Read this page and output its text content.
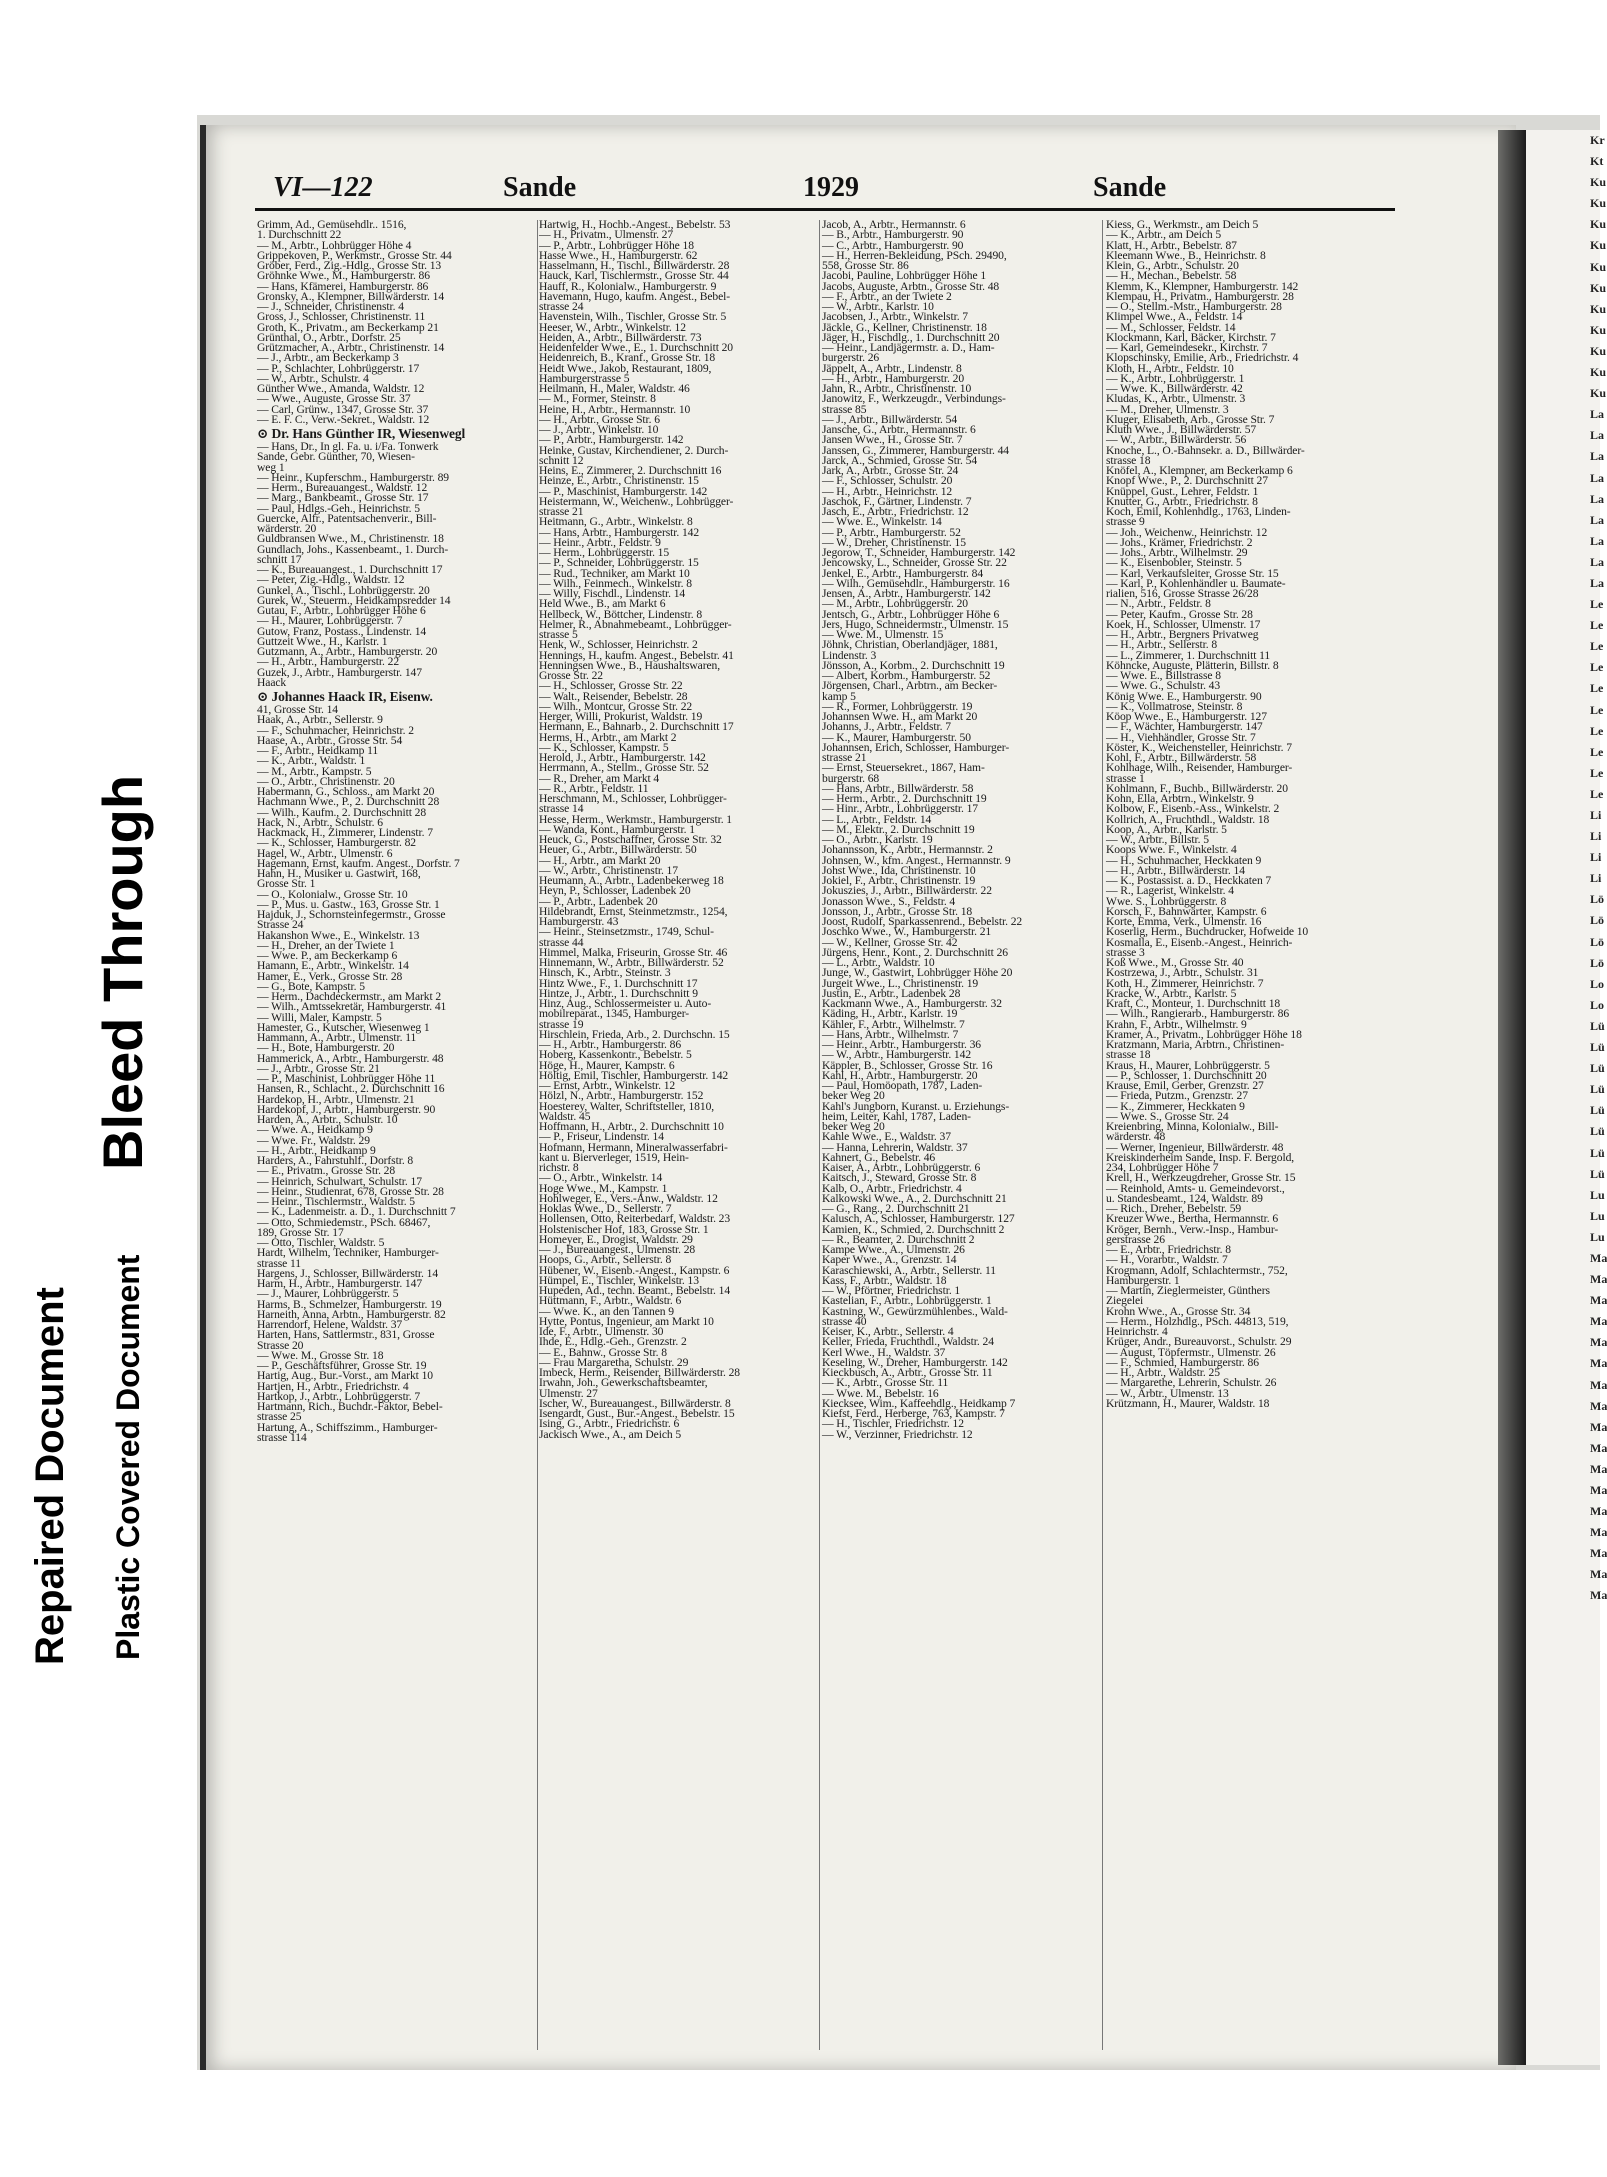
Repaired Document Plastic Covered Document
Bleed Through
Kr
Kt
Ku
Ku
Ku
Ku
Ku
Ku
Ku
Ku
Ku
Ku
Ku
La
La
La
La
La
La
La
La
La
Le
Le
Le
Le
Le
Le
Le
Le
Le
Le
Li
Li
Li
Li
Lö
Lö
Lö
Lö
Lo
Lo
Lü
Lü
Lü
Lü
Lü
Lü
Lü
Lü
Lu
Lu
Lu
Ma
Ma
Ma
Ma
Ma
Ma
Ma
Ma
Ma
Ma
Ma
Ma
Ma
Ma
Ma
Ma
Ma
VI—122	Sande	1929	Sande
Grimm, Ad., Gemüsehdlr.. 1516,
1. Durchschnitt 22
— M., Arbtr., Lohbrügger Höhe 4
Grippekoven, P., Werkmstr., Grosse Str. 44
Gröber, Ferd., Zig.-Hdlg., Grosse Str. 13
Gröhnke Wwe., M., Hamburgerstr. 86
— Hans, Kfämerei, Hamburgerstr. 86
Gronsky, A., Klempner, Billwärderstr. 14
— J., Schneider, Christinenstr. 4
Gross, J., Schlosser, Christinenstr. 11
Groth, K., Privatm., am Beckerkamp 21
Grünthal, O., Arbtr., Dorfstr. 25
Grützmacher, A., Arbtr., Christinenstr. 14
— J., Arbtr., am Beckerkamp 3
— P., Schlachter, Lohbrüggerstr. 17
— W., Arbtr., Schulstr. 4
Günther Wwe., Amanda, Waldstr. 12
— Wwe., Auguste, Grosse Str. 37
— Carl, Grünw., 1347, Grosse Str. 37
— E. F. C., Verw.-Sekret., Waldstr. 12
⊙ Dr. Hans Günther IR, Wiesenwegl
— Hans, Dr., In gl. Fa. u. i/Fa. Tonwerk
Sande, Gebr. Günther, 70, Wiesen-
weg 1
— Heinr., Kupferschm., Hamburgerstr. 89
— Herm., Bureauangest., Waldstr. 12
— Marg., Bankbeamt., Grosse Str. 17
— Paul, Hdlgs.-Geh., Heinrichstr. 5
Guercke, Alfr., Patentsachenverir., Bill-
wärderstr. 20
Guldbransen Wwe., M., Christinenstr. 18
Gundlach, Johs., Kassenbeamt., 1. Durch-
schnitt 17
— K., Bureauangest., 1. Durchschnitt 17
— Peter, Zig.-Hdlg., Waldstr. 12
Gunkel, A., Tischl., Lohbrüggerstr. 20
Gurek, W., Steuerm., Heidkampsredder 14
Gutau, F., Arbtr., Lohbrügger Höhe 6
— H., Maurer, Lohbrüggerstr. 7
Gutow, Franz, Postass., Lindenstr. 14
Guttzeit Wwe., H., Karlstr. 1
Gutzmann, A., Arbtr., Hamburgerstr. 20
— H., Arbtr., Hamburgerstr. 22
Guzek, J., Arbtr., Hamburgerstr. 147
Haack
⊙ Johannes Haack IR, Eisenw.
41, Grosse Str. 14
Haak, A., Arbtr., Sellerstr. 9
— F., Schuhmacher, Heinrichstr. 2
Haase, A., Arbtr., Grosse Str. 54
— F., Arbtr., Heidkamp 11
— K., Arbtr., Waldstr. 1
— M., Arbtr., Kampstr. 5
— O., Arbtr., Christinenstr. 20
Habermann, G., Schloss., am Markt 20
Hachmann Wwe., P., 2. Durchschnitt 28
— Wilh., Kaufm., 2. Durchschnitt 28
Hack, N., Arbtr., Schulstr. 6
Hackmack, H., Zimmerer, Lindenstr. 7
— K., Schlosser, Hamburgerstr. 82
Hagel, W., Arbtr., Ulmenstr. 6
Hagemann, Ernst, kaufm. Angest., Dorfstr. 7
Hahn, H., Musiker u. Gastwirt, 168,
Grosse Str. 1
— O., Kolonialw., Grosse Str. 10
— P., Mus. u. Gastw., 163, Grosse Str. 1
Hajduk, J., Schornsteinfegermstr., Grosse
Strasse 24
Hakanshon Wwe., E., Winkelstr. 13
— H., Dreher, an der Twiete 1
— Wwe. P., am Beckerkamp 6
Hamann, E., Arbtr., Winkelstr. 14
Hamer, E., Verk., Grosse Str. 28
— G., Bote, Kampstr. 5
— Herm., Dachdeckermstr., am Markt 2
— Wilh., Amtssekretär, Hamburgerstr. 41
— Willi, Maler, Kampstr. 5
Hamester, G., Kutscher, Wiesenweg 1
Hammann, A., Arbtr., Ulmenstr. 11
— H., Bote, Hamburgerstr. 20
Hammerick, A., Arbtr., Hamburgerstr. 48
— J., Arbtr., Grosse Str. 21
— P., Maschinist, Lohbrügger Höhe 11
Hansen, R., Schlacht., 2. Durchschnitt 16
Hardekop, H., Arbtr., Ulmenstr. 21
Hardekopf, J., Arbtr., Hamburgerstr. 90
Harden, A., Arbtr., Schulstr. 10
— Wwe. A., Heidkamp 9
— Wwe. Fr., Waldstr. 29
— H., Arbtr., Heidkamp 9
Harders, A., Fahrstuhlf., Dorfstr. 8
— E., Privatm., Grosse Str. 28
— Heinrich, Schulwart, Schulstr. 17
— Heinr., Studienrat, 678, Grosse Str. 28
— Heinr., Tischlermstr., Waldstr. 5
— K., Ladenmeistr. a. D., 1. Durchschnitt 7
— Otto, Schmiedemstr., PSch. 68467,
189, Grosse Str. 17
— Otto, Tischler, Waldstr. 5
Hardt, Wilhelm, Techniker, Hamburger-
strasse 11
Hargens, J., Schlosser, Billwärderstr. 14
Harm, H., Arbtr., Hamburgerstr. 147
— J., Maurer, Lohbrüggerstr. 5
Harms, B., Schmelzer, Hamburgerstr. 19
Harneith, Anna, Arbtn., Hamburgerstr. 82
Harrendorf, Helene, Waldstr. 37
Harten, Hans, Sattlermstr., 831, Grosse
Strasse 20
— Wwe. M., Grosse Str. 18
— P., Geschäftsführer, Grosse Str. 19
Hartig, Aug., Bur.-Vorst., am Markt 10
Hartjen, H., Arbtr., Friedrichstr. 4
Hartkop, J., Arbtr., Lohbrüggerstr. 7
Hartmann, Rich., Buchdr.-Faktor, Bebel-
strasse 25
Hartung, A., Schiffszimm., Hamburger-
strasse 114
Hartwig, H., Hochb.-Angest., Bebelstr. 53
— H., Privatm., Ulmenstr. 27
— P., Arbtr., Lohbrügger Höhe 18
Hasse Wwe., H., Hamburgerstr. 62
Hasselmann, H., Tischl., Billwärderstr. 28
Hauck, Karl, Tischlermstr., Grosse Str. 44
Hauff, R., Kolonialw., Hamburgerstr. 9
Havemann, Hugo, kaufm. Angest., Bebel-
strasse 24
Havenstein, Wilh., Tischler, Grosse Str. 5
Heeser, W., Arbtr., Winkelstr. 12
Heiden, A., Arbtr., Billwärderstr. 73
Heidenfelder Wwe., E., 1. Durchschnitt 20
Heidenreich, B., Kranf., Grosse Str. 18
Heidt Wwe., Jakob, Restaurant, 1809,
Hamburgerstrasse 5
Heilmann, H., Maler, Waldstr. 46
— M., Former, Steinstr. 8
Heine, H., Arbtr., Hermannstr. 10
— H., Arbtr., Grosse Str. 6
— J., Arbtr., Winkelstr. 10
— P., Arbtr., Hamburgerstr. 142
Heinke, Gustav, Kirchendiener, 2. Durch-
schnitt 12
Heins, E., Zimmerer, 2. Durchschnitt 16
Heinze, E., Arbtr., Christinenstr. 15
— P., Maschinist, Hamburgerstr. 142
Heistermann, W., Weichenw., Lohbrügger-
strasse 21
Heitmann, G., Arbtr., Winkelstr. 8
— Hans, Arbtr., Hamburgerstr. 142
— Heinr., Arbtr., Feldstr. 9
— Herm., Lohbrüggerstr. 15
— P., Schneider, Lohbrüggerstr. 15
— Rud., Techniker, am Markt 10
— Wilh., Feinmech., Winkelstr. 8
— Willy, Fischdl., Lindenstr. 14
Held Wwe., B., am Markt 6
Hellbeck, W., Böttcher, Lindenstr. 8
Helmer, R., Abnahmebeamt., Lohbrügger-
strasse 5
Henk, W., Schlosser, Heinrichstr. 2
Hennings, H., kaufm. Angest., Bebelstr. 41
Henningsen Wwe., B., Haushaltswaren,
Grosse Str. 22
— H., Schlosser, Grosse Str. 22
— Walt., Reisender, Bebelstr. 28
— Wilh., Montcur, Grosse Str. 22
Herger, Willi, Prokurist, Waldstr. 19
Hermann, E., Bahnarb., 2. Durchschnitt 17
Herms, H., Arbtr., am Markt 2
— K., Schlosser, Kampstr. 5
Herold, J., Arbtr., Hamburgerstr. 142
Herrmann, A., Stellm., Grosse Str. 52
— R., Dreher, am Markt 4
— R., Arbtr., Feldstr. 11
Herschmann, M., Schlosser, Lohbrügger-
strasse 14
Hesse, Herm., Werkmstr., Hamburgerstr. 1
— Wanda, Kont., Hamburgerstr. 1
Heuck, G., Postschaffner, Grosse Str. 32
Heuer, G., Arbtr., Billwärderstr. 50
— H., Arbtr., am Markt 20
— W., Arbtr., Christinenstr. 17
Heumann, A., Arbtr., Ladenbekerweg 18
Heyn, P., Schlosser, Ladenbek 20
— P., Arbtr., Ladenbek 20
Hildebrandt, Ernst, Steinmetzmstr., 1254,
Hamburgerstr. 43
— Heinr., Steinsetzmstr., 1749, Schul-
strasse 44
Himmel, Malka, Friseurin, Grosse Str. 46
Hinnemann, W., Arbtr., Billwärderstr. 52
Hinsch, K., Arbtr., Steinstr. 3
Hintz Wwe., F., 1. Durchschnitt 17
Hintze, J., Arbtr., 1. Durchschnitt 9
Hinz, Aug., Schlossermeister u. Auto-
mobilreparat., 1345, Hamburger-
strasse 19
Hirschlein, Frieda, Arb., 2. Durchschn. 15
— H., Arbtr., Hamburgerstr. 86
Hoberg, Kassenkontr., Bebelstr. 5
Höge, H., Maurer, Kampstr. 6
Höltig, Emil, Tischler, Hamburgerstr. 142
— Ernst, Arbtr., Winkelstr. 12
Hölzl, N., Arbtr., Hamburgerstr. 152
Hoesterey, Walter, Schriftsteller, 1810,
Waldstr. 45
Hoffmann, H., Arbtr., 2. Durchschnitt 10
— P., Friseur, Lindenstr. 14
Hofmann, Hermann, Mineralwasserfabri-
kant u. Bierverleger, 1519, Hein-
richstr. 8
— O., Arbtr., Winkelstr. 14
Hoge Wwe., M., Kampstr. 1
Hohlweger, E., Vers.-Anw., Waldstr. 12
Hoklas Wwe., D., Sellerstr. 7
Hollensen, Otto, Reiterbedarf, Waldstr. 23
Holstenischer Hof, 183, Grosse Str. 1
Homeyer, E., Drogist, Waldstr. 29
— J., Bureauangest., Ulmenstr. 28
Hoops, G., Arbtr., Sellerstr. 8
Hübener, W., Eisenb.-Angest., Kampstr. 6
Hümpel, E., Tischler, Winkelstr. 13
Hupeden, Ad., techn. Beamt., Bebelstr. 14
Hüttmann, F., Arbtr., Waldstr. 6
— Wwe. K., an den Tannen 9
Hytte, Pontus, Ingenieur, am Markt 10
Ide, F., Arbtr., Ulmenstr. 30
Ihde, E., Hdlg.-Geh., Grenzstr. 2
— E., Bahnw., Grosse Str. 8
— Frau Margaretha, Schulstr. 29
Imbeck, Herm., Reisender, Billwärderstr. 28
Irwahn, Joh., Gewerkschaftsbeamter,
Ulmenstr. 27
Ischer, W., Bureauangest., Billwärderstr. 8
Isengardt, Gust., Bur.-Angest., Bebelstr. 15
Ising, G., Arbtr., Friedrichstr. 6
Jackisch Wwe., A., am Deich 5
Jacob, A., Arbtr., Hermannstr. 6
— B., Arbtr., Hamburgerstr. 90
— C., Arbtr., Hamburgerstr. 90
— H., Herren-Bekleidung, PSch. 29490,
558, Grosse Str. 86
Jacobi, Pauline, Lohbrügger Höhe 1
Jacobs, Auguste, Arbtn., Grosse Str. 48
— F., Arbtr., an der Twiete 2
— W., Arbtr., Karlstr. 10
Jacobsen, J., Arbtr., Winkelstr. 7
Jäckle, G., Kellner, Christinenstr. 18
Jäger, H., Fischdlg., 1. Durchschnitt 20
— Heinr., Landjägermstr. a. D., Ham-
burgerstr. 26
Jäppelt, A., Arbtr., Lindenstr. 8
— H., Arbtr., Hamburgerstr. 20
Jahn, R., Arbtr., Christinenstr. 10
Janowitz, F., Werkzeugdr., Verbindungs-
strasse 85
— J., Arbtr., Billwärderstr. 54
Jansche, G., Arbtr., Hermannstr. 6
Jansen Wwe., H., Grosse Str. 7
Janssen, G., Zimmerer, Hamburgerstr. 44
Jarck, A., Schmied, Grosse Str. 54
Jark, A., Arbtr., Grosse Str. 24
— F., Schlosser, Schulstr. 20
— H., Arbtr., Heinrichstr. 12
Jaschok, F., Gärtner, Lindenstr. 7
Jasch, E., Arbtr., Friedrichstr. 12
— Wwe. E., Winkelstr. 14
— P., Arbtr., Hamburgerstr. 52
— W., Dreher, Christinenstr. 15
Jegorow, T., Schneider, Hamburgerstr. 142
Jencowsky, L., Schneider, Grosse Str. 22
Jenkel, E., Arbtr., Hamburgerstr. 84
— Wilh., Gemüsehdlr., Hamburgerstr. 16
Jensen, A., Arbtr., Hamburgerstr. 142
— M., Arbtr., Lohbrüggerstr. 20
Jentsch, G., Arbtr., Lohbrügger Höhe 6
Jers, Hugo, Schneidermstr., Ulmenstr. 15
— Wwe. M., Ulmenstr. 15
Jöhnk, Christian, Oberlandjäger, 1881,
Lindenstr. 3
Jönsson, A., Korbm., 2. Durchschnitt 19
— Albert, Korbm., Hamburgerstr. 52
Jörgensen, Charl., Arbtrn., am Becker-
kamp 5
— R., Former, Lohbrüggerstr. 19
Johannsen Wwe. H., am Markt 20
Johanns, J., Arbtr., Feldstr. 7
— K., Maurer, Hamburgerstr. 50
Johannsen, Erich, Schlosser, Hamburger-
strasse 21
— Ernst, Steuersekret., 1867, Ham-
burgerstr. 68
— Hans, Arbtr., Billwärderstr. 58
— Herm., Arbtr., 2. Durchschnitt 19
— Hinr., Arbtr., Lohbrüggerstr. 17
— L., Arbtr., Feldstr. 14
— M., Elektr., 2. Durchschnitt 19
— O., Arbtr., Karlstr. 19
Johannsson, K., Arbtr., Hermannstr. 2
Johnsen, W., kfm. Angest., Hermannstr. 9
Johst Wwe., Ida, Christinenstr. 10
Jokiel, F., Arbtr., Christinenstr. 19
Jokuszies, J., Arbtr., Billwärderstr. 22
Jonasson Wwe., S., Feldstr. 4
Jonsson, J., Arbtr., Grosse Str. 18
Joost, Rudolf, Sparkassenrend., Bebelstr. 22
Joschko Wwe., W., Hamburgerstr. 21
— W., Kellner, Grosse Str. 42
Jürgens, Henr., Kont., 2. Durchschnitt 26
— L., Arbtr., Waldstr. 10
Junge, W., Gastwirt, Lohbrügger Höhe 20
Jurgeit Wwe., L., Christinenstr. 19
Justin, E., Arbtr., Ladenbek 28
Kackmann Wwe., A., Hamburgerstr. 32
Käding, H., Arbtr., Karlstr. 19
Kähler, F., Arbtr., Wilhelmstr. 7
— Hans, Arbtr., Wilhelmstr. 7
— Heinr., Arbtr., Hamburgerstr. 36
— W., Arbtr., Hamburgerstr. 142
Käppler, B., Schlosser, Grosse Str. 16
Kahl, H., Arbtr., Hamburgerstr. 20
— Paul, Homöopath, 1787, Laden-
beker Weg 20
Kahl's Jungborn, Kuranst. u. Erziehungs-
heim, Leiter, Kahl, 1787, Laden-
beker Weg 20
Kahle Wwe., E., Waldstr. 37
— Hanna, Lehrerin, Waldstr. 37
Kahnert, G., Bebelstr. 46
Kaiser, A., Arbtr., Lohbrüggerstr. 6
Kaitsch, J., Steward, Grosse Str. 8
Kalb, O., Arbtr., Friedrichstr. 4
Kalkowski Wwe., A., 2. Durchschnitt 21
— G., Rang., 2. Durchschnitt 21
Kalusch, A., Schlosser, Hamburgerstr. 127
Kamien, K., Schmied, 2. Durchschnitt 2
— R., Beamter, 2. Durchschnitt 2
Kampe Wwe., A., Ulmenstr. 26
Kaper Wwe., A., Grenzstr. 14
Karaschiewski, A., Arbtr., Sellerstr. 11
Kass, F., Arbtr., Waldstr. 18
— W., Pförtner, Friedrichstr. 1
Kastelian, F., Arbtr., Lohbrüggerstr. 1
Kastning, W., Gewürzmühlenbes., Wald-
strasse 40
Keiser, K., Arbtr., Sellerstr. 4
Keller, Frieda, Fruchthdl., Waldstr. 24
Kerl Wwe., H., Waldstr. 37
Keseling, W., Dreher, Hamburgerstr. 142
Kieckbusch, A., Arbtr., Grosse Str. 11
— K., Arbtr., Grosse Str. 11
— Wwe. M., Bebelstr. 16
Kiecksee, Wim., Kaffeehdlg., Heidkamp 7
Kiefst, Ferd., Herberge, 763, Kampstr. 7
— H., Tischler, Friedrichstr. 12
— W., Verzinner, Friedrichstr. 12
Kiess, G., Werkmstr., am Deich 5
— K., Arbtr., am Deich 5
Klatt, H., Arbtr., Bebelstr. 87
Kleemann Wwe., B., Heinrichstr. 8
Klein, G., Arbtr., Schulstr. 20
— H., Mechan., Bebelstr. 58
Klemm, K., Klempner, Hamburgerstr. 142
Klempau, H., Privatm., Hamburgerstr. 28
— O., Stellm.-Mstr., Hamburgerstr. 28
Klimpel Wwe., A., Feldstr. 14
— M., Schlosser, Feldstr. 14
Klockmann, Karl, Bäcker, Kirchstr. 7
— Karl, Gemeindesekr., Kirchstr. 7
Klopschinsky, Emilie, Arb., Friedrichstr. 4
Kloth, H., Arbtr., Feldstr. 10
— K., Arbtr., Lohbrüggerstr. 1
— Wwe. K., Billwärderstr. 42
Kludas, K., Arbtr., Ulmenstr. 3
— M., Dreher, Ulmenstr. 3
Kluger, Elisabeth, Arb., Grosse Str. 7
Kluth Wwe., J., Billwärderstr. 57
— W., Arbtr., Billwärderstr. 56
Knoche, L., O.-Bahnsekr. a. D., Billwärder-
strasse 18
Knöfel, A., Klempner, am Beckerkamp 6
Knopf Wwe., P., 2. Durchschnitt 27
Knüppel, Gust., Lehrer, Feldstr. 1
Knutter, G., Arbtr., Friedrichstr. 8
Koch, Emil, Kohlenhdlg., 1763, Linden-
strasse 9
— Joh., Weichenw., Heinrichstr. 12
— Johs., Krämer, Friedrichstr. 2
— Johs., Arbtr., Wilhelmstr. 29
— K., Eisenbobler, Steinstr. 5
— Karl, Verkaufsleiter, Grosse Str. 15
— Karl, P., Kohlenhändler u. Baumate-
rialien, 516, Grosse Strasse 26/28
— N., Arbtr., Feldstr. 8
— Peter, Kaufm., Grosse Str. 28
Koek, H., Schlosser, Ulmenstr. 17
— H., Arbtr., Bergners Privatweg
— H., Arbtr., Sellerstr. 8
— L., Zimmerer, 1. Durchschnitt 11
Köhncke, Auguste, Plätterin, Billstr. 8
— Wwe. E., Billstrasse 8
— Wwe. G., Schulstr. 43
König Wwe. E., Hamburgerstr. 90
— K., Vollmatrose, Steinstr. 8
Köop Wwe., E., Hamburgerstr. 127
— F., Wächter, Hamburgerstr. 147
— H., Viehhändler, Grosse Str. 7
Köster, K., Weichensteller, Heinrichstr. 7
Kohl, F., Arbtr., Billwärderstr. 58
Kohlhage, Wilh., Reisender, Hamburger-
strasse 1
Kohlmann, F., Buchb., Billwärderstr. 20
Kohn, Ella, Arbtrn., Winkelstr. 9
Kolbow, F., Eisenb.-Ass., Winkelstr. 2
Kollrich, A., Fruchthdl., Waldstr. 18
Koop, A., Arbtr., Karlstr. 5
— W., Arbtr., Billstr. 5
Koops Wwe. F., Winkelstr. 4
— H., Schuhmacher, Heckkaten 9
— H., Arbtr., Billwärderstr. 14
— K., Postassist. a. D., Heckkaten 7
— R., Lagerist, Winkelstr. 4
Wwe. S., Lohbrüggerstr. 8
Korsch, F., Bahnwärter, Kampstr. 6
Korte, Emma, Verk., Ulmenstr. 16
Koserlig, Herm., Buchdrucker, Hofweide 10
Kosmalla, E., Eisenb.-Angest., Heinrich-
strasse 3
Koß Wwe., M., Grosse Str. 40
Kostrzewa, J., Arbtr., Schulstr. 31
Koth, H., Zimmerer, Heinrichstr. 7
Kracke, W., Arbtr., Karlstr. 5
Kraft, C., Monteur, 1. Durchschnitt 18
— Wilh., Rangierarb., Hamburgerstr. 86
Krahn, F., Arbtr., Wilhelmstr. 9
Kramer, A., Privatm., Lohbrügger Höhe 18
Kratzmann, Maria, Arbtrn., Christinen-
strasse 18
Kraus, H., Maurer, Lohbrüggerstr. 5
— P., Schlosser, 1. Durchschnitt 20
Krause, Emil, Gerber, Grenzstr. 27
— Frieda, Putzm., Grenzstr. 27
— K., Zimmerer, Heckkaten 9
— Wwe. S., Grosse Str. 24
Kreienbring, Minna, Kolonialw., Bill-
wärderstr. 48
— Werner, Ingenieur, Billwärderstr. 48
Kreiskinderheim Sande, Insp. F. Bergold,
234, Lohbrügger Höhe 7
Krell, H., Werkzeugdreher, Grosse Str. 15
— Reinhold, Amts- u. Gemeindevorst.,
u. Standesbeamt., 124, Waldstr. 89
— Rich., Dreher, Bebelstr. 59
Kreuzer Wwe., Bertha, Hermannstr. 6
Kröger, Bernh., Verw.-Insp., Hambur-
gerstrasse 26
— E., Arbtr., Friedrichstr. 8
— H., Vorarbtr., Waldstr. 7
Krogmann, Adolf, Schlachtermstr., 752,
Hamburgerstr. 1
— Martin, Zieglermeister, Günthers
Ziegelei
Krohn Wwe., A., Grosse Str. 34
— Herm., Holzhdlg., PSch. 44813, 519,
Heinrichstr. 4
Krüger, Andr., Bureauvorst., Schulstr. 29
— August, Töpfermstr., Ulmenstr. 26
— F., Schmied, Hamburgerstr. 86
— H., Arbtr., Waldstr. 25
— Margarethe, Lehrerin, Schulstr. 26
— W., Arbtr., Ulmenstr. 13
Krützmann, H., Maurer, Waldstr. 18
